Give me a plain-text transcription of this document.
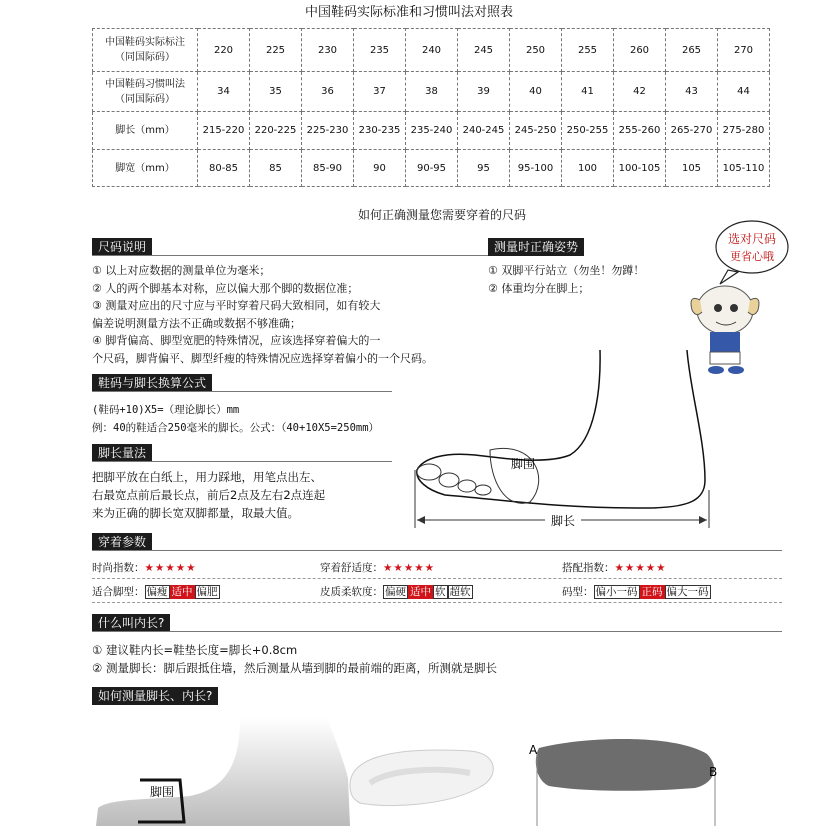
中国鞋码实际标准和习惯叫法对照表
中国鞋码实际标注
（同国际码）	220	225	230	235	240	245	250	255	260	265	270
中国鞋码习惯叫法
（同国际码）	34	35	36	37	38	39	40	41	42	43	44
脚长（mm）	215-220	220-225	225-230	230-235	235-240	240-245	245-250	250-255	255-260	265-270	275-280
脚宽（mm）	80-85	85	85-90	90	90-95	95	95-100	100	100-105	105	105-110
如何正确测量您需要穿着的尺码
尺码说明
① 以上对应数据的测量单位为毫米；
② 人的两个脚基本对称，应以偏大那个脚的数据位准；
③ 测量对应出的尺寸应与平时穿着尺码大致相同，如有较大
偏差说明测量方法不正确或数据不够准确；
④ 脚背偏高、脚型宽肥的特殊情况，应该选择穿着偏大的一
个尺码，脚背偏平、脚型纤瘦的特殊情况应选择穿着偏小的一个尺码。
测量时正确姿势
① 双脚平行站立（勿坐！勿蹲！
② 体重均分在脚上；
选对尺码
更省心哦
鞋码与脚长换算公式
(鞋码+10)X5=（理论脚长）mm
例：40的鞋适合250毫米的脚长。公式：（40+10X5=250mm）
脚长量法
把脚平放在白纸上，用力踩地，用笔点出左、
右最宽点前后最长点，前后2点及左右2点连起
来为正确的脚长宽双脚都量，取最大值。
脚长
脚围
穿着参数
时尚指数：★★★★★	穿着舒适度：★★★★★	搭配指数：★★★★★
适合脚型： 偏瘦 适中 偏肥	皮质柔软度： 偏硬 适中 软 超软	码型： 偏小一码 正码 偏大一码
什么叫内长?
① 建议鞋内长=鞋垫长度=脚长+0.8cm
② 测量脚长：脚后跟抵住墙，然后测量从墙到脚的最前端的距离，所测就是脚长
如何测量脚长、内长?
脚围
A
B
